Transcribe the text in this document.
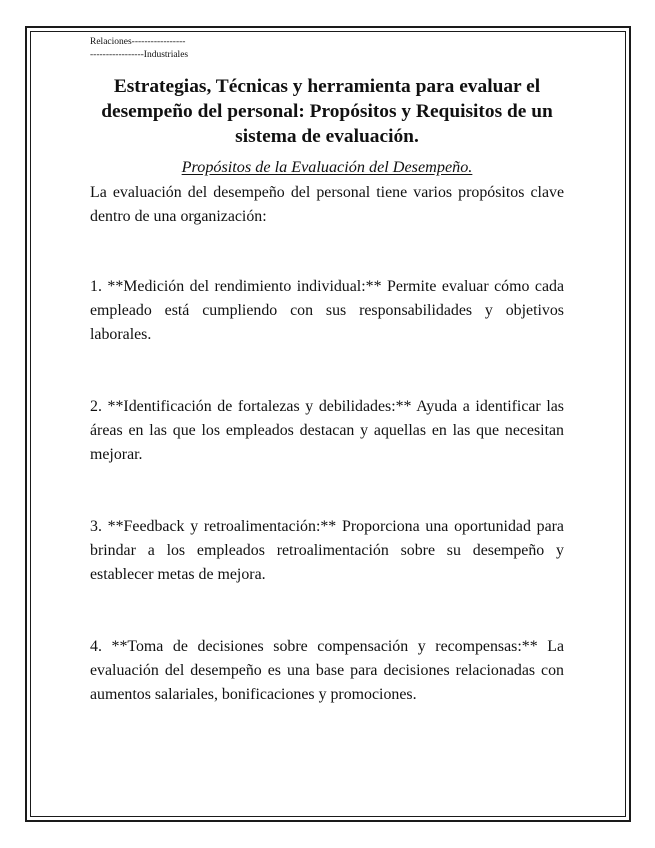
Relaciones-----------------
-----------------Industriales
Estrategias, Técnicas y herramienta para evaluar el desempeño del personal: Propósitos y Requisitos de un sistema de evaluación.
Propósitos de la Evaluación del Desempeño.

La evaluación del desempeño del personal tiene varios propósitos clave dentro de una organización:

1. **Medición del rendimiento individual:** Permite evaluar cómo cada empleado está cumpliendo con sus responsabilidades y objetivos laborales.

2. **Identificación de fortalezas y debilidades:** Ayuda a identificar las áreas en las que los empleados destacan y aquellas en las que necesitan mejorar.

3. **Feedback y retroalimentación:** Proporciona una oportunidad para brindar a los empleados retroalimentación sobre su desempeño y establecer metas de mejora.

4. **Toma de decisiones sobre compensación y recompensas:** La evaluación del desempeño es una base para decisiones relacionadas con aumentos salariales, bonificaciones y promociones.
